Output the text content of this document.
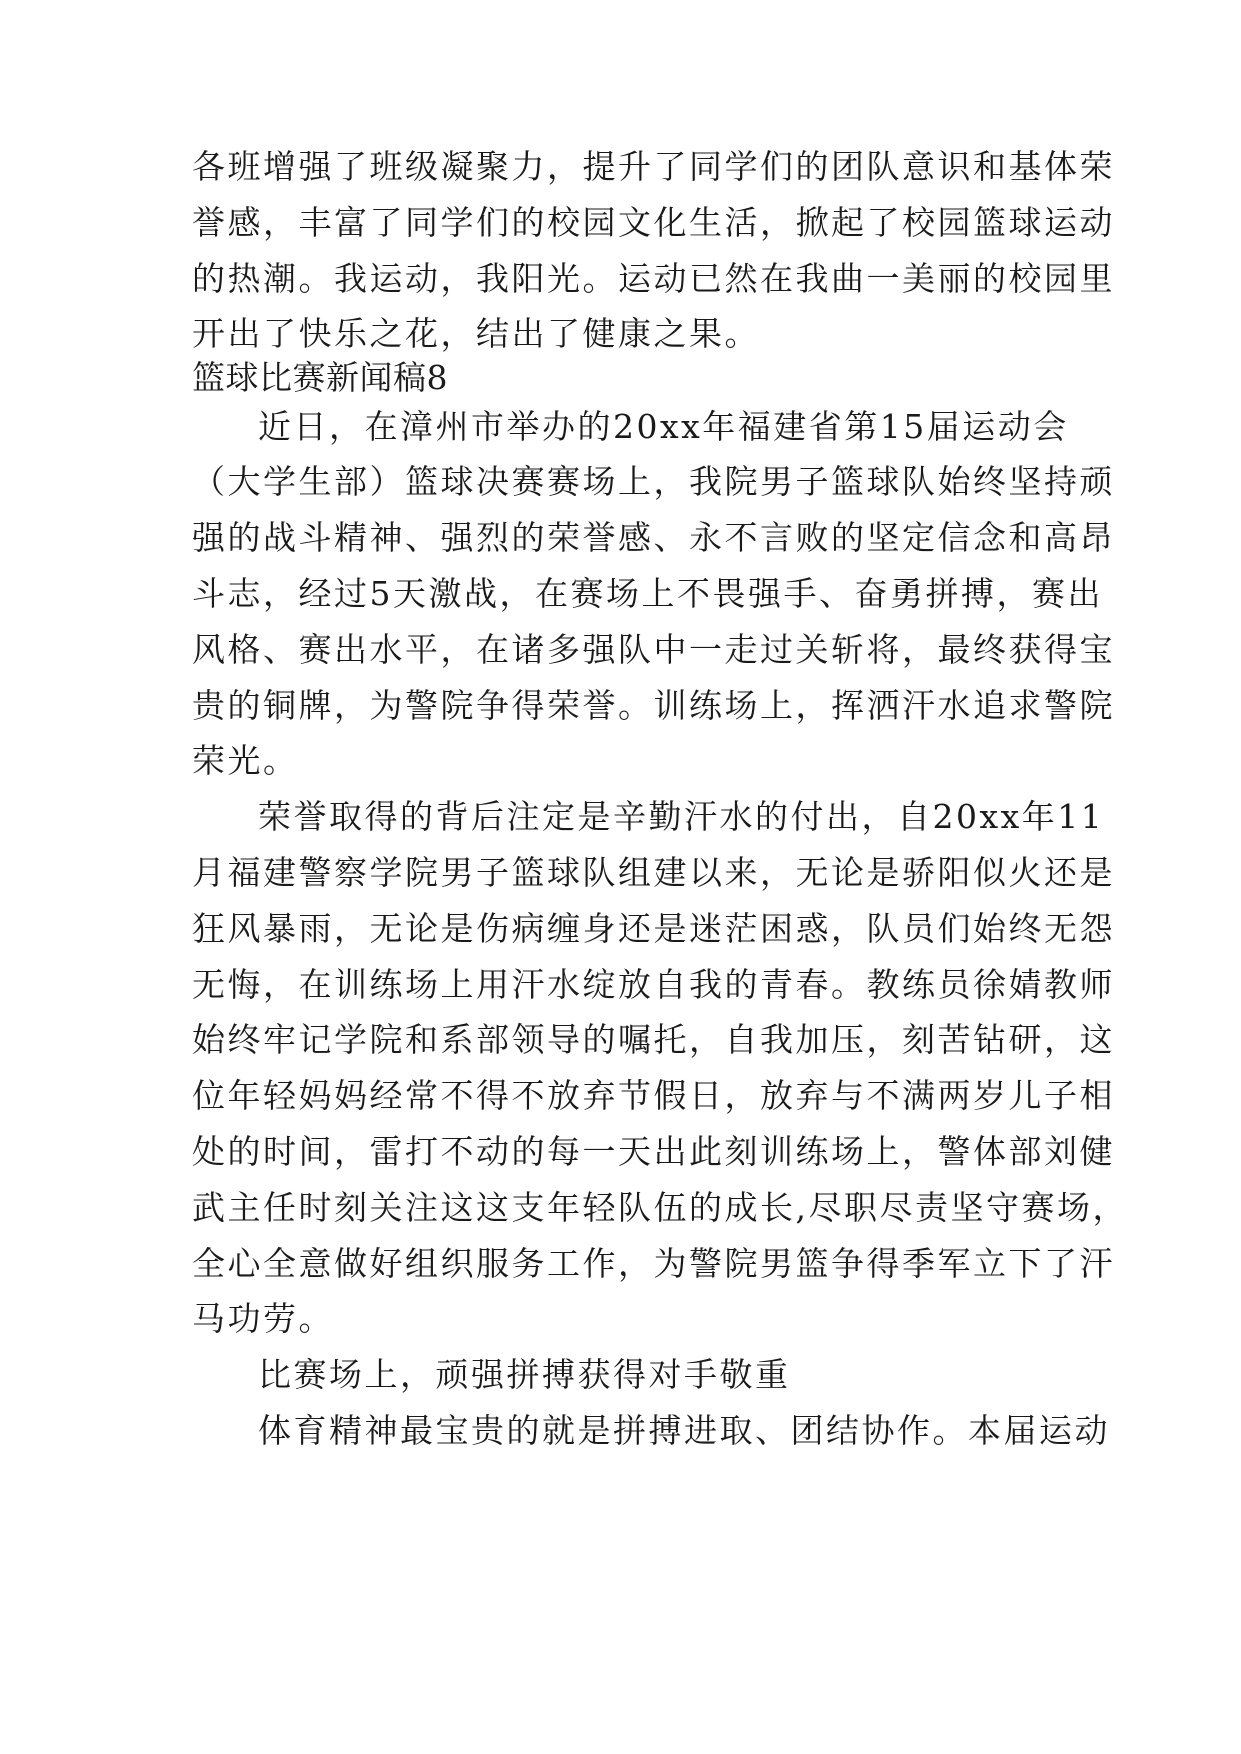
各班增强了班级凝聚力，提升了同学们的团队意识和基体荣
誉感，丰富了同学们的校园文化生活，掀起了校园篮球运动
的热潮。我运动，我阳光。运动已然在我曲一美丽的校园里
开出了快乐之花，结出了健康之果。
篮球比赛新闻稿8
近日，在漳州市举办的20xx年福建省第15届运动会
（大学生部）篮球决赛赛场上，我院男子篮球队始终坚持顽
强的战斗精神、强烈的荣誉感、永不言败的坚定信念和高昂
斗志，经过5天激战，在赛场上不畏强手、奋勇拼搏，赛出
风格、赛出水平，在诸多强队中一走过关斩将，最终获得宝
贵的铜牌，为警院争得荣誉。训练场上，挥洒汗水追求警院
荣光。
荣誉取得的背后注定是辛勤汗水的付出，自20xx年11
月福建警察学院男子篮球队组建以来，无论是骄阳似火还是
狂风暴雨，无论是伤病缠身还是迷茫困惑，队员们始终无怨
无悔，在训练场上用汗水绽放自我的青春。教练员徐婧教师
始终牢记学院和系部领导的嘱托，自我加压，刻苦钻研，这
位年轻妈妈经常不得不放弃节假日，放弃与不满两岁儿子相
处的时间，雷打不动的每一天出此刻训练场上，警体部刘健
武主任时刻关注这这支年轻队伍的成长,尽职尽责坚守赛场，
全心全意做好组织服务工作，为警院男篮争得季军立下了汗
马功劳。
比赛场上，顽强拼搏获得对手敬重
体育精神最宝贵的就是拼搏进取、团结协作。本届运动
